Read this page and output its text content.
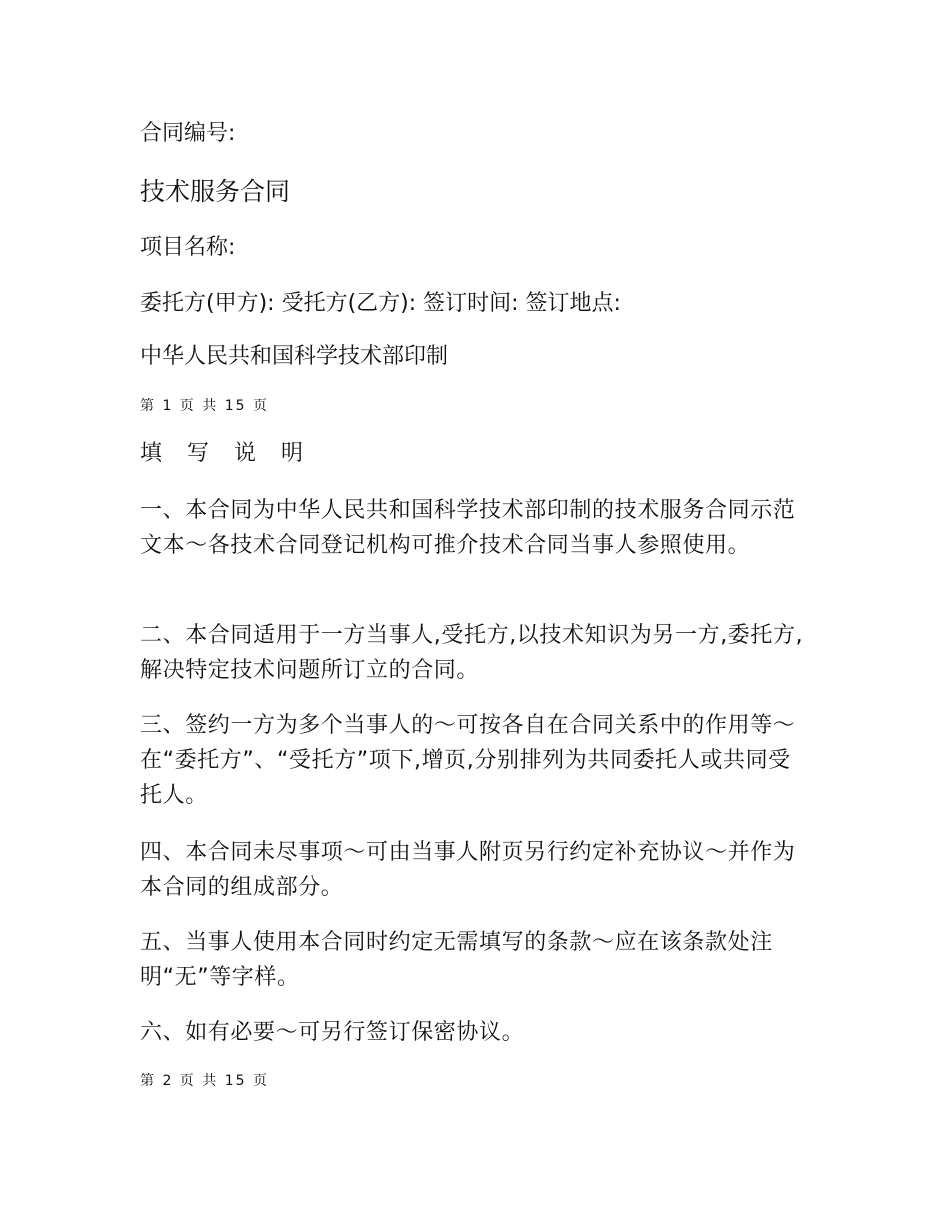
合同编号:
技术服务合同
项目名称:
委托方(甲方): 受托方(乙方): 签订时间: 签订地点:
中华人民共和国科学技术部印制
第 1 页 共 15 页
填 写 说 明
一、本合同为中华人民共和国科学技术部印制的技术服务合同示范文本～各技术合同登记机构可推介技术合同当事人参照使用。
二、本合同适用于一方当事人,受托方,以技术知识为另一方,委托方,解决特定技术问题所订立的合同。
三、签约一方为多个当事人的～可按各自在合同关系中的作用等～在“委托方”、“受托方”项下,增页,分别排列为共同委托人或共同受托人。
四、本合同未尽事项～可由当事人附页另行约定补充协议～并作为本合同的组成部分。
五、当事人使用本合同时约定无需填写的条款～应在该条款处注明“无”等字样。
六、如有必要～可另行签订保密协议。
第 2 页 共 15 页
